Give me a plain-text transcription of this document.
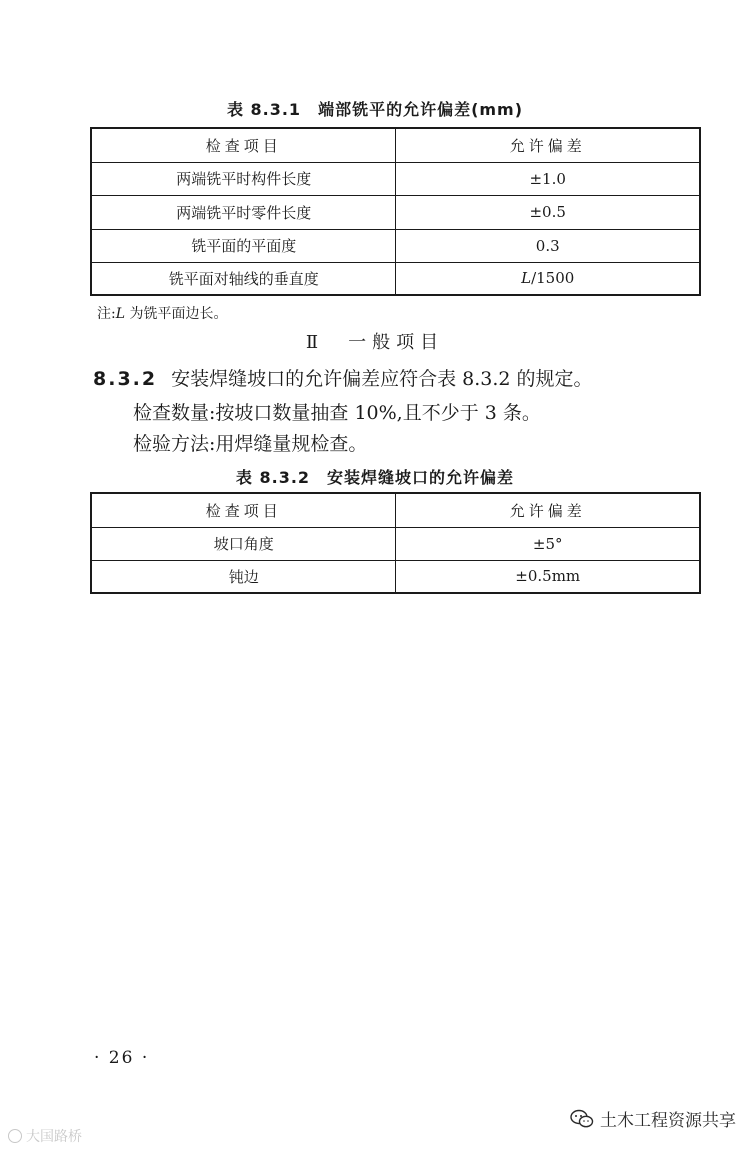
表 8.3.1　端部铣平的允许偏差(mm)
检查项目	允许偏差
两端铣平时构件长度	±1.0
两端铣平时零件长度	±0.5
铣平面的平面度	0.3
铣平面对轴线的垂直度	L/1500
注:L 为铣平面边长。
Ⅱ　一般项目
8.3.2 安装焊缝坡口的允许偏差应符合表 8.3.2 的规定。
检查数量:按坡口数量抽查 10%,且不少于 3 条。
检验方法:用焊缝量规检查。
表 8.3.2　安装焊缝坡口的允许偏差
检查项目	允许偏差
坡口角度	±5°
钝边	±0.5mm
· 26 ·
大国路桥
土木工程资源共享
